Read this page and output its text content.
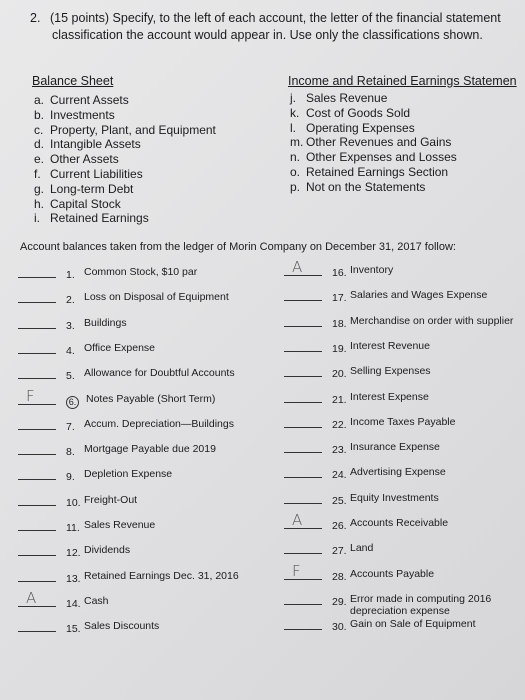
2. (15 points) Specify, to the left of each account, the letter of the financial statement
classification the account would appear in. Use only the classifications shown.
Balance Sheet	Income and Retained Earnings Statemen
a. Current Assets
b. Investments
c. Property, Plant, and Equipment
d. Intangible Assets
e. Other Assets
f. Current Liabilities
g. Long-term Debt
h. Capital Stock
i. Retained Earnings
j. Sales Revenue
k. Cost of Goods Sold
l. Operating Expenses
m. Other Revenues and Gains
n. Other Expenses and Losses
o. Retained Earnings Section
p. Not on the Statements
Account balances taken from the ledger of Morin Company on December 31, 2017 follow:
1. Common Stock, $10 par
2. Loss on Disposal of Equipment
3. Buildings
4. Office Expense
5. Allowance for Doubtful Accounts
F	6. Notes Payable (Short Term)
7. Accum. Depreciation—Buildings
8. Mortgage Payable due 2019
9. Depletion Expense
10. Freight-Out
11. Sales Revenue
12. Dividends
13. Retained Earnings Dec. 31, 2016
A	14. Cash
15. Sales Discounts
A	16. Inventory
17. Salaries and Wages Expense
18. Merchandise on order with supplier
19. Interest Revenue
20. Selling Expenses
21. Interest Expense
22. Income Taxes Payable
23. Insurance Expense
24. Advertising Expense
25. Equity Investments
A	26. Accounts Receivable
27. Land
F	28. Accounts Payable
29. Error made in computing 2016 depreciation expense
30. Gain on Sale of Equipment
